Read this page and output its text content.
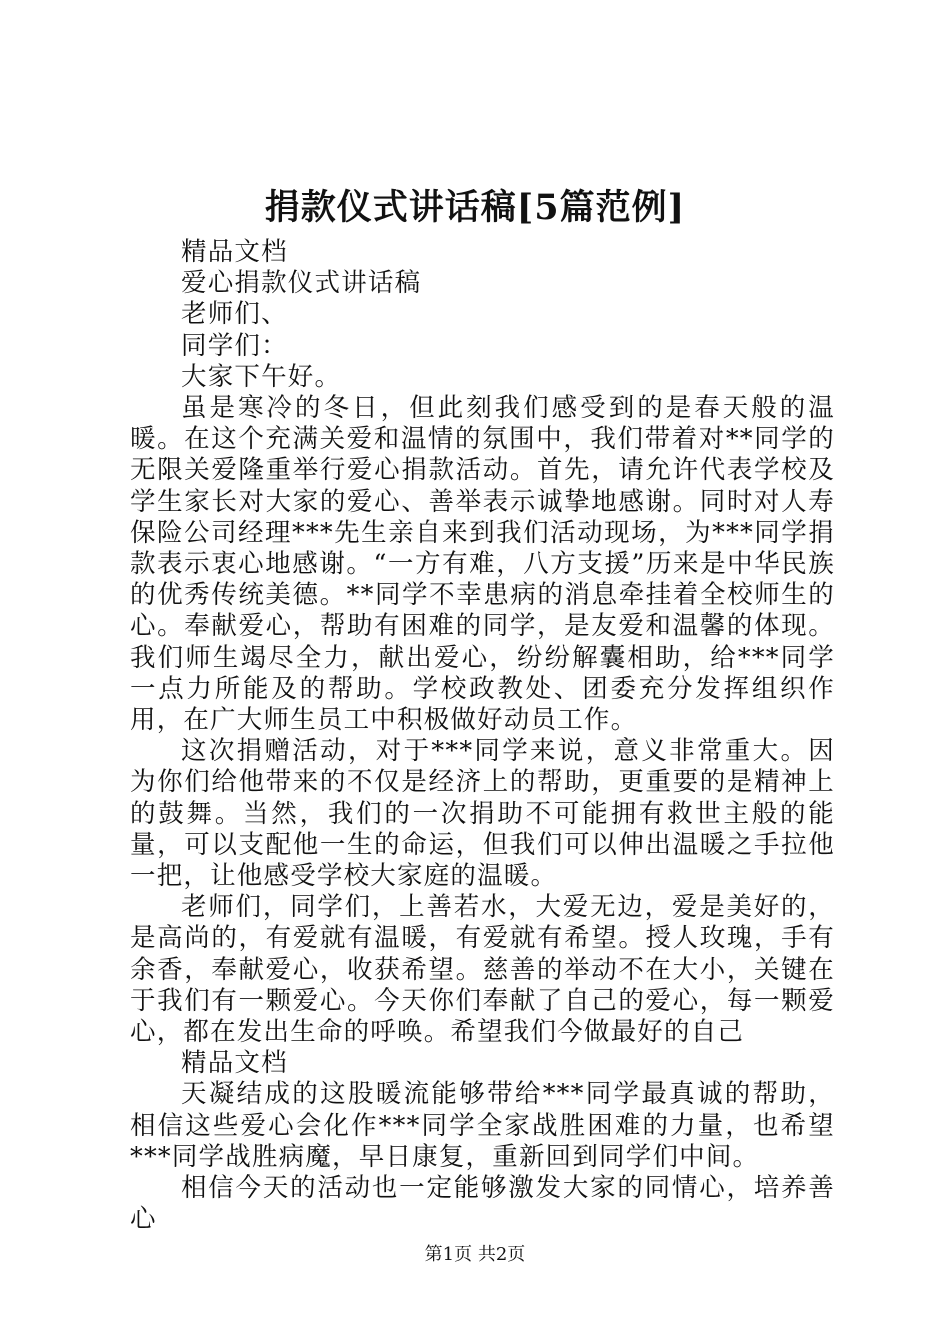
捐款仪式讲话稿[5篇范例]

精品文档

爱心捐款仪式讲话稿

老师们、

同学们：

大家下午好。

虽是寒冷的冬日，但此刻我们感受到的是春天般的温暖。在这个充满关爱和温情的氛围中，我们带着对**同学的无限关爱隆重举行爱心捐款活动。首先，请允许代表学校及学生家长对大家的爱心、善举表示诚挚地感谢。同时对人寿保险公司经理***先生亲自来到我们活动现场，为***同学捐款表示衷心地感谢。“一方有难，八方支援”历来是中华民族的优秀传统美德。**同学不幸患病的消息牵挂着全校师生的心。奉献爱心，帮助有困难的同学，是友爱和温馨的体现。我们师生竭尽全力，献出爱心，纷纷解囊相助，给***同学一点力所能及的帮助。学校政教处、团委充分发挥组织作用，在广大师生员工中积极做好动员工作。

这次捐赠活动，对于***同学来说，意义非常重大。因为你们给他带来的不仅是经济上的帮助，更重要的是精神上的鼓舞。当然，我们的一次捐助不可能拥有救世主般的能量，可以支配他一生的命运，但我们可以伸出温暖之手拉他一把，让他感受学校大家庭的温暖。

老师们，同学们，上善若水，大爱无边，爱是美好的，是高尚的，有爱就有温暖，有爱就有希望。授人玫瑰，手有余香，奉献爱心，收获希望。慈善的举动不在大小，关键在于我们有一颗爱心。今天你们奉献了自己的爱心，每一颗爱心，都在发出生命的呼唤。希望我们今做最好的自己

精品文档

天凝结成的这股暖流能够带给***同学最真诚的帮助，相信这些爱心会化作***同学全家战胜困难的力量，也希望***同学战胜病魔，早日康复，重新回到同学们中间。

相信今天的活动也一定能够激发大家的同情心，培养善心

第1页 共2页
